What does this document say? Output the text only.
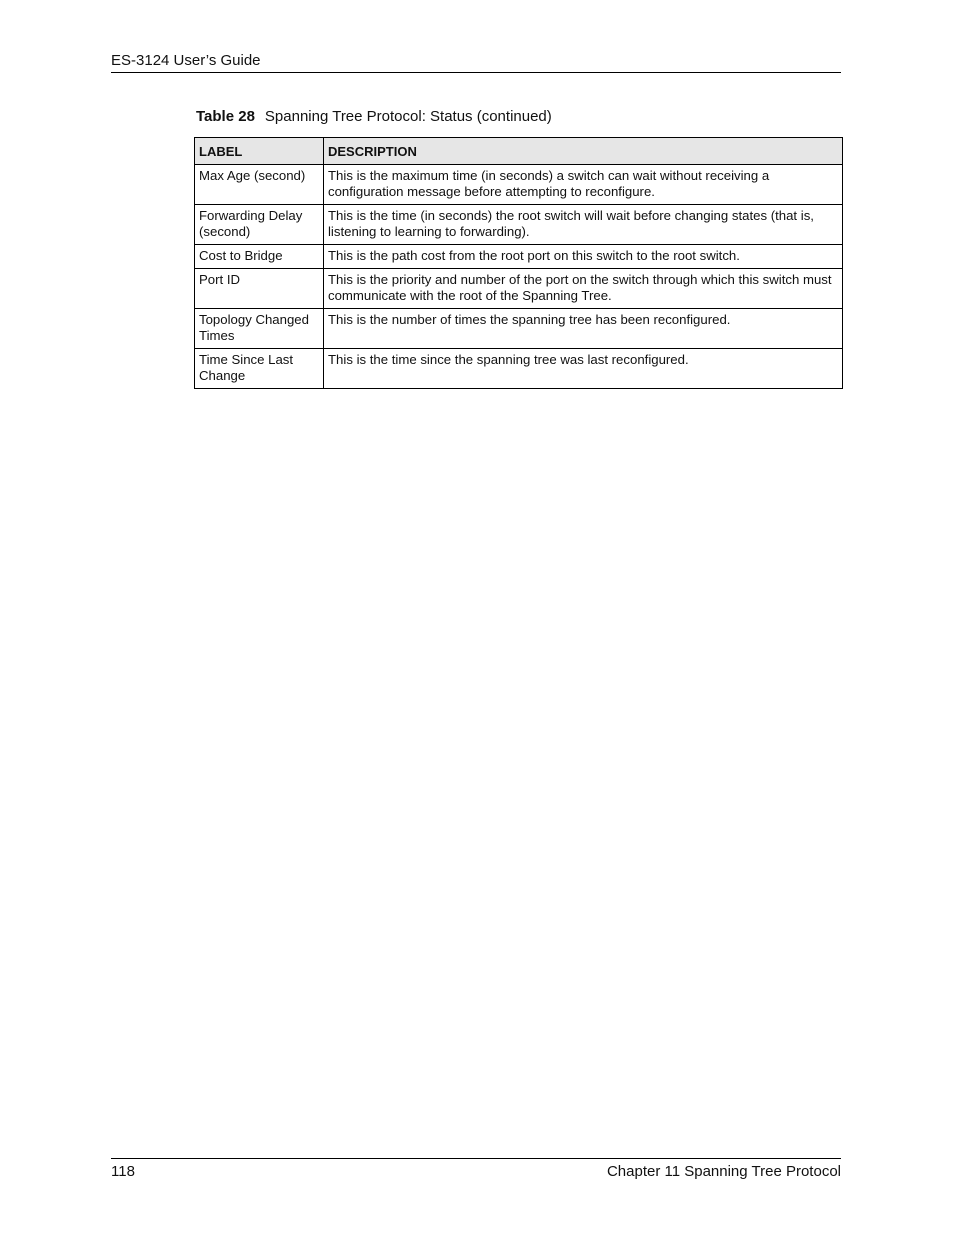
ES-3124 User’s Guide
Table 28 Spanning Tree Protocol: Status (continued)
LABEL	DESCRIPTION
Max Age (second)	This is the maximum time (in seconds) a switch can wait without receiving a configuration message before attempting to reconfigure.
Forwarding Delay (second)	This is the time (in seconds) the root switch will wait before changing states (that is, listening to learning to forwarding).
Cost to Bridge	This is the path cost from the root port on this switch to the root switch.
Port ID	This is the priority and number of the port on the switch through which this switch must communicate with the root of the Spanning Tree.
Topology Changed Times	This is the number of times the spanning tree has been reconfigured.
Time Since Last Change	This is the time since the spanning tree was last reconfigured.
118	Chapter 11 Spanning Tree Protocol
